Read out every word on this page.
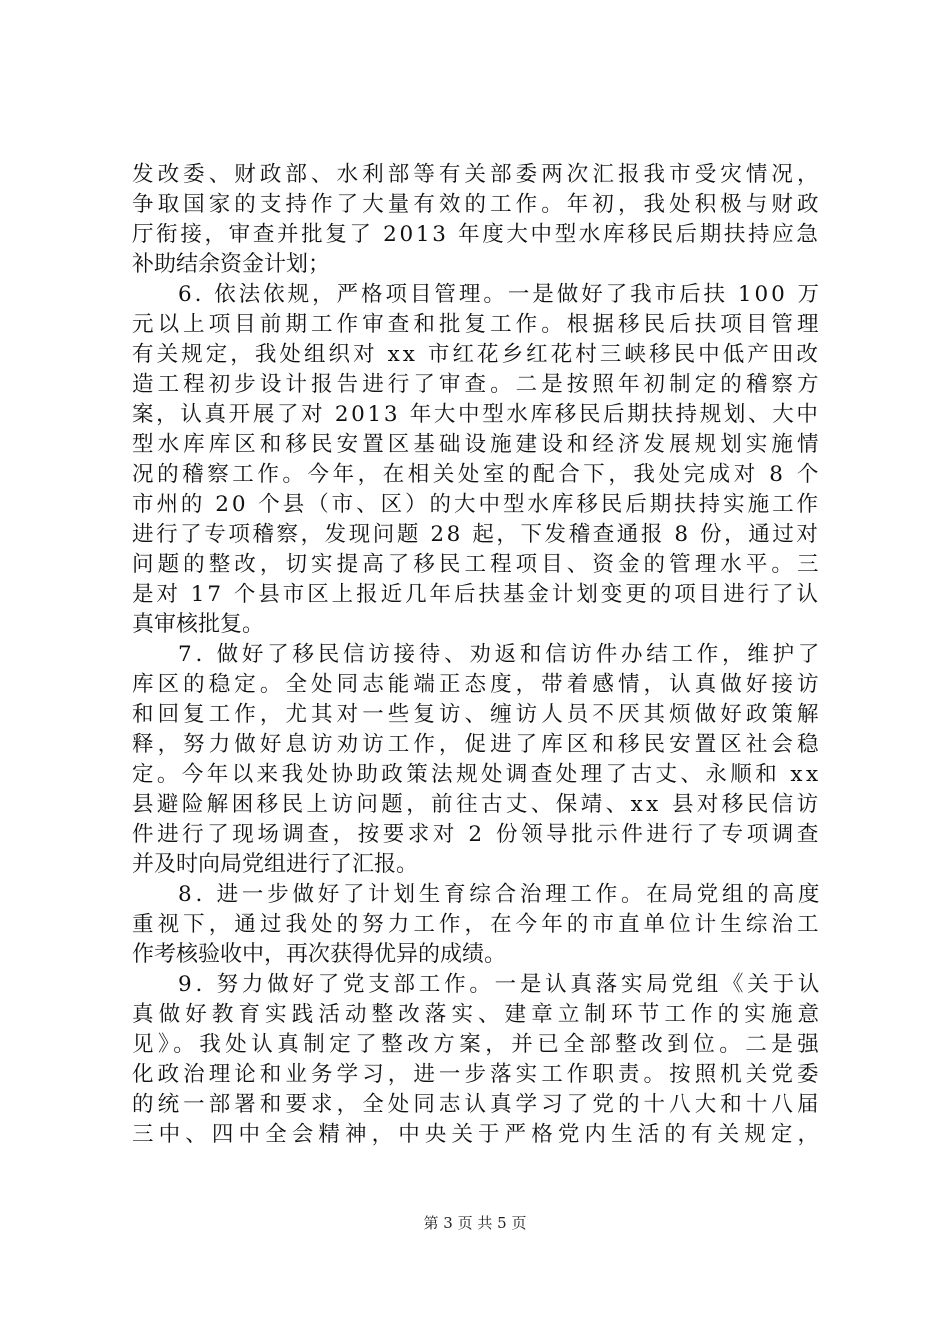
发改委、财政部、水利部等有关部委两次汇报我市受灾情况，
争取国家的支持作了大量有效的工作。年初，我处积极与财政
厅衔接，审查并批复了 2013 年度大中型水库移民后期扶持应急
补助结余资金计划；
6. 依法依规，严格项目管理。一是做好了我市后扶 100 万
元以上项目前期工作审查和批复工作。根据移民后扶项目管理
有关规定，我处组织对 xx 市红花乡红花村三峡移民中低产田改
造工程初步设计报告进行了审查。二是按照年初制定的稽察方
案，认真开展了对 2013 年大中型水库移民后期扶持规划、大中
型水库库区和移民安置区基础设施建设和经济发展规划实施情
况的稽察工作。今年，在相关处室的配合下，我处完成对 8 个
市州的 20 个县（市、区）的大中型水库移民后期扶持实施工作
进行了专项稽察，发现问题 28 起，下发稽查通报 8 份，通过对
问题的整改，切实提高了移民工程项目、资金的管理水平。三
是对 17 个县市区上报近几年后扶基金计划变更的项目进行了认
真审核批复。
7. 做好了移民信访接待、劝返和信访件办结工作，维护了
库区的稳定。全处同志能端正态度，带着感情，认真做好接访
和回复工作，尤其对一些复访、缠访人员不厌其烦做好政策解
释，努力做好息访劝访工作，促进了库区和移民安置区社会稳
定。今年以来我处协助政策法规处调查处理了古丈、永顺和 xx
县避险解困移民上访问题，前往古丈、保靖、xx 县对移民信访
件进行了现场调查，按要求对 2 份领导批示件进行了专项调查
并及时向局党组进行了汇报。
8. 进一步做好了计划生育综合治理工作。在局党组的高度
重视下，通过我处的努力工作，在今年的市直单位计生综治工
作考核验收中，再次获得优异的成绩。
9. 努力做好了党支部工作。一是认真落实局党组《关于认
真做好教育实践活动整改落实、建章立制环节工作的实施意
见》。我处认真制定了整改方案，并已全部整改到位。二是强
化政治理论和业务学习，进一步落实工作职责。按照机关党委
的统一部署和要求，全处同志认真学习了党的十八大和十八届
三中、四中全会精神，中央关于严格党内生活的有关规定，
第 3 页 共 5 页
